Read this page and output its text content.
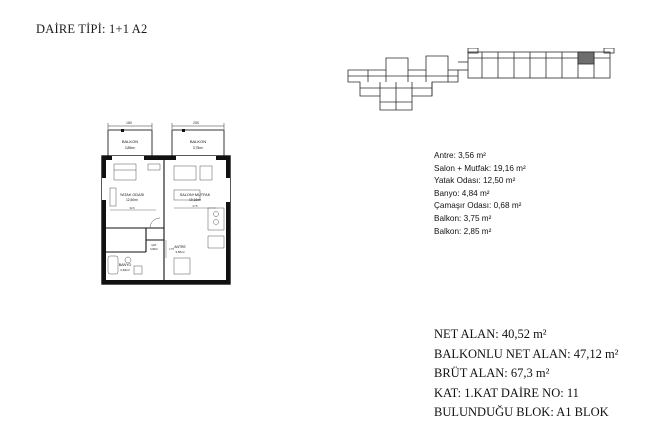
DAİRE TİPİ: 1+1 A2
180	250
BALKON
3,85m²
BALKON
3,75m²
YATAK ODASI
12,50m²
SALON+MUTFAK
19,16m²
BANYO
4,84m²
ANTRE
3,56m²
ÇM.
0,68m²
320	275
175
Antre: 3,56 m²
Salon + Mutfak: 19,16 m²
Yatak Odası: 12,50 m²
Banyo: 4,84 m²
Çamaşır Odası: 0,68 m²
Balkon: 3,75 m²
Balkon: 2,85 m²
NET ALAN: 40,52 m²
BALKONLU NET ALAN: 47,12 m²
BRÜT ALAN: 67,3 m²
KAT: 1.KAT DAİRE NO: 11
BULUNDUĞU BLOK: A1 BLOK
